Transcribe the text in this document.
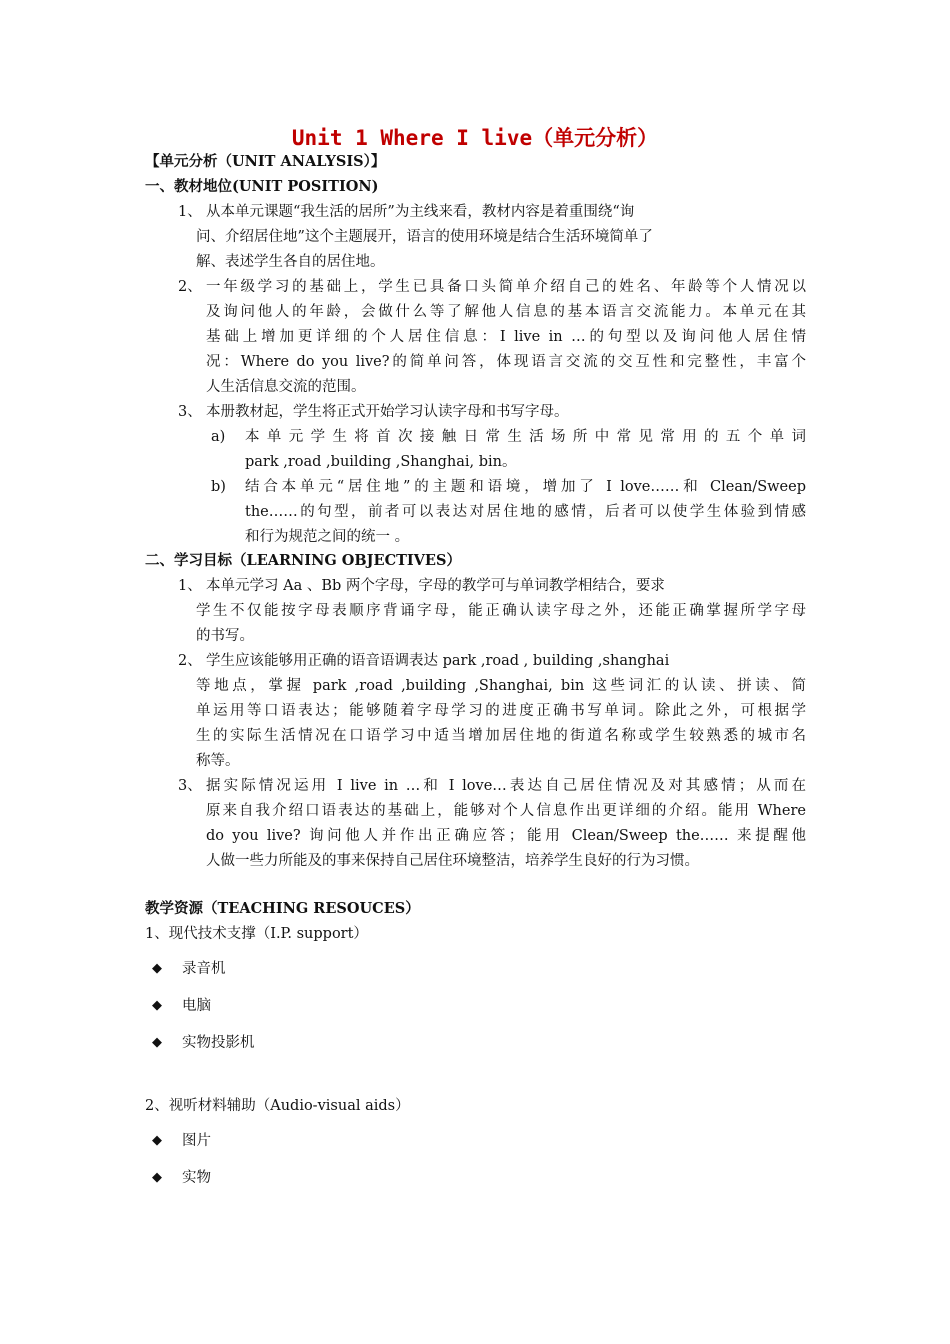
Unit 1 Where I live（单元分析）
【单元分析（UNIT ANALYSIS）】
一、教材地位(UNIT POSITION)
1、 从本单元课题“我生活的居所”为主线来看，教材内容是着重围绕“询
问、介绍居住地”这个主题展开，语言的使用环境是结合生活环境简单了
解、表述学生各自的居住地。
2、 一年级学习的基础上，学生已具备口头简单介绍自己的姓名、年龄等个人情况以
及询问他人的年龄，会做什么等了解他人信息的基本语言交流能力。本单元在其
基础上增加更详细的个人居住信息：I live in …的句型以及询问他人居住情
况：Where do you live?的简单问答，体现语言交流的交互性和完整性，丰富个
人生活信息交流的范围。
3、 本册教材起，学生将正式开始学习认读字母和书写字母。
a) 本单元学生将首次接触日常生活场所中常见常用的五个单词
park ,road ,building ,Shanghai, bin。
b) 结合本单元“居住地”的主题和语境，增加了 I love……和 Clean/Sweep
the……的句型，前者可以表达对居住地的感情，后者可以使学生体验到情感
和行为规范之间的统一 。
二、学习目标（LEARNING OBJECTIVES）
1、 本单元学习 Aa 、Bb 两个字母，字母的教学可与单词教学相结合，要求
学生不仅能按字母表顺序背诵字母，能正确认读字母之外，还能正确掌握所学字母
的书写。
2、 学生应该能够用正确的语音语调表达 park ,road , building ,shanghai
等地点，掌握 park ,road ,building ,Shanghai, bin 这些词汇的认读、拼读、简
单运用等口语表达；能够随着字母学习的进度正确书写单词。除此之外，可根据学
生的实际生活情况在口语学习中适当增加居住地的街道名称或学生较熟悉的城市名
称等。
3、 据实际情况运用 I live in …和 I love…表达自己居住情况及对其感情；从而在
原来自我介绍口语表达的基础上，能够对个人信息作出更详细的介绍。能用 Where
do you live? 询问他人并作出正确应答；能用 Clean/Sweep the…… 来提醒他
人做一些力所能及的事来保持自己居住环境整洁，培养学生良好的行为习惯。
教学资源（TEACHING RESOUCES）
1、现代技术支撑（I.P. support）
◆ 录音机
◆ 电脑
◆ 实物投影机
2、视听材料辅助（Audio-visual aids）
◆ 图片
◆ 实物
